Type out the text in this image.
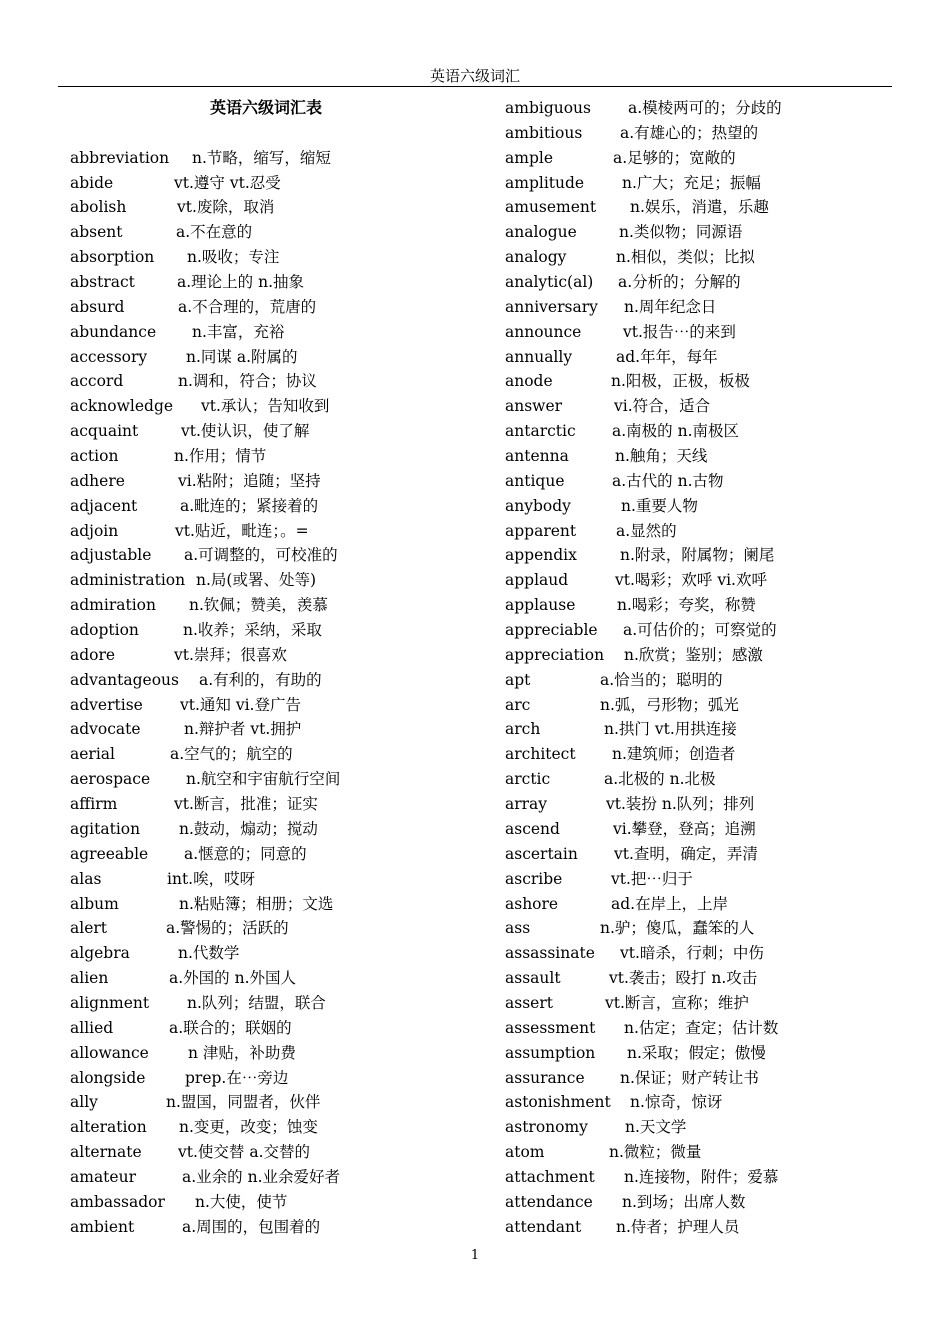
英语六级词汇
英语六级词汇表
abbreviation	n.节略，缩写，缩短
abide	vt.遵守 vt.忍受
abolish	vt.废除，取消
absent	a.不在意的
absorption	n.吸收；专注
abstract	a.理论上的 n.抽象
absurd	a.不合理的，荒唐的
abundance	n.丰富，充裕
accessory	n.同谋 a.附属的
accord	n.调和，符合；协议
acknowledge	vt.承认；告知收到
acquaint	vt.使认识，使了解
action	n.作用；情节
adhere	vi.粘附；追随；坚持
adjacent	a.毗连的；紧接着的
adjoin	vt.贴近，毗连；。=
adjustable	a.可调整的，可校准的
administration n.局(或署、处等)
admiration	n.钦佩；赞美，羡慕
adoption	n.收养；采纳，采取
adore	vt.崇拜；很喜欢
advantageous	a.有利的，有助的
advertise	vt.通知 vi.登广告
advocate	n.辩护者 vt.拥护
aerial	a.空气的；航空的
aerospace	n.航空和宇宙航行空间
affirm	vt.断言，批准；证实
agitation	n.鼓动，煽动；搅动
agreeable	a.惬意的；同意的
alas	int.唉，哎呀
album	n.粘贴簿；相册；文选
alert	a.警惕的；活跃的
algebra	n.代数学
alien	a.外国的 n.外国人
alignment	n.队列；结盟，联合
allied	a.联合的；联姻的
allowance	n 津贴，补助费
alongside	prep.在⋯旁边
ally	n.盟国，同盟者，伙伴
alteration	n.变更，改变；蚀变
alternate	vt.使交替 a.交替的
amateur	a.业余的 n.业余爱好者
ambassador	n.大使，使节
ambient	a.周围的，包围着的
ambiguous	a.模棱两可的；分歧的
ambitious	a.有雄心的；热望的
ample	a.足够的；宽敞的
amplitude	n.广大；充足；振幅
amusement	n.娱乐，消遣，乐趣
analogue	n.类似物；同源语
analogy	n.相似，类似；比拟
analytic(al)	a.分析的；分解的
anniversary	n.周年纪念日
announce	vt.报告⋯的来到
annually	ad.年年，每年
anode	n.阳极，正极，板极
answer	vi.符合，适合
antarctic	a.南极的 n.南极区
antenna	n.触角；天线
antique	a.古代的 n.古物
anybody	n.重要人物
apparent	a.显然的
appendix	n.附录，附属物；阑尾
applaud	vt.喝彩；欢呼 vi.欢呼
applause	n.喝彩；夸奖，称赞
appreciable	a.可估价的；可察觉的
appreciation	n.欣赏；鉴别；感激
apt	a.恰当的；聪明的
arc	n.弧，弓形物；弧光
arch	n.拱门 vt.用拱连接
architect	n.建筑师；创造者
arctic	a.北极的 n.北极
array	vt.装扮 n.队列；排列
ascend	vi.攀登，登高；追溯
ascertain	vt.查明，确定，弄清
ascribe	vt.把⋯归于
ashore	ad.在岸上，上岸
ass	n.驴；傻瓜，蠢笨的人
assassinate	vt.暗杀，行刺；中伤
assault	vt.袭击；殴打 n.攻击
assert	vt.断言，宣称；维护
assessment	n.估定；查定；估计数
assumption	n.采取；假定；傲慢
assurance	n.保证；财产转让书
astonishment	n.惊奇，惊讶
astronomy	n.天文学
atom	n.微粒；微量
attachment	n.连接物，附件；爱慕
attendance	n.到场；出席人数
attendant	n.侍者；护理人员
1
